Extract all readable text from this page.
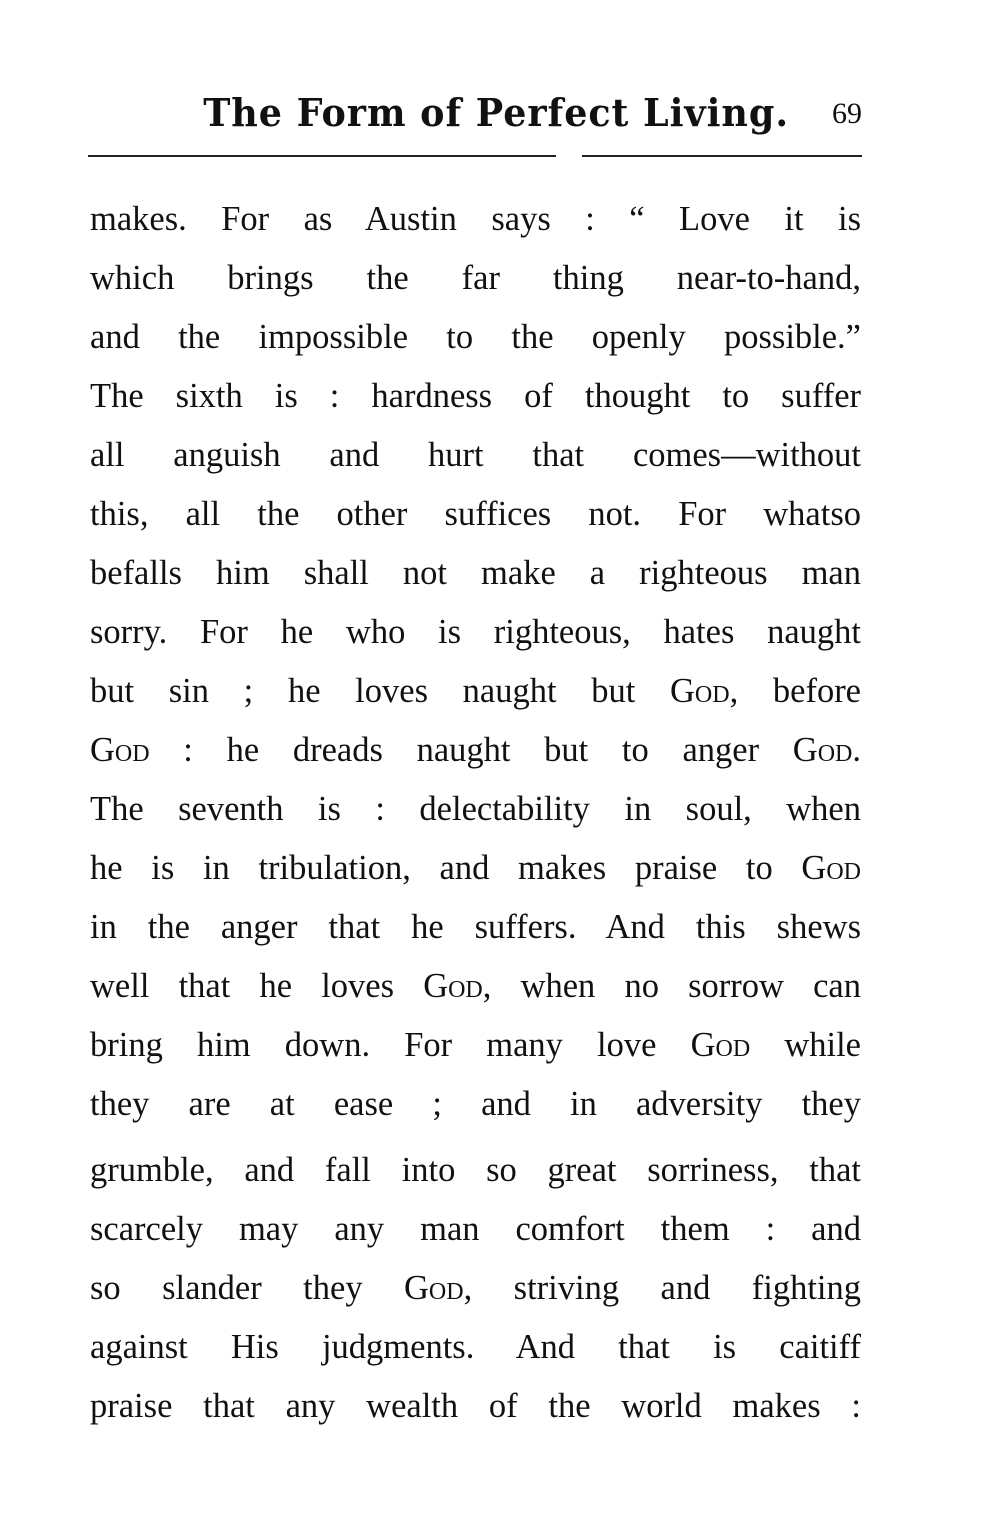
The Form of Perfect Living. 69
makes. For as Austin says : “ Love it is
which brings the far thing near-to-hand,
and the impossible to the openly possible.”
The sixth is : hardness of thought to suffer
all anguish and hurt that comes—without
this, all the other suffices not. For whatso
befalls him shall not make a righteous man
sorry. For he who is righteous, hates naught
but sin ; he loves naught but God, before
God : he dreads naught but to anger God.
The seventh is : delectability in soul, when
he is in tribulation, and makes praise to God
in the anger that he suffers. And this shews
well that he loves God, when no sorrow can
bring him down. For many love God while
they are at ease ; and in adversity they
grumble, and fall into so great sorriness, that
scarcely may any man comfort them : and
so slander they God, striving and fighting
against His judgments. And that is caitiff
praise that any wealth of the world makes :
